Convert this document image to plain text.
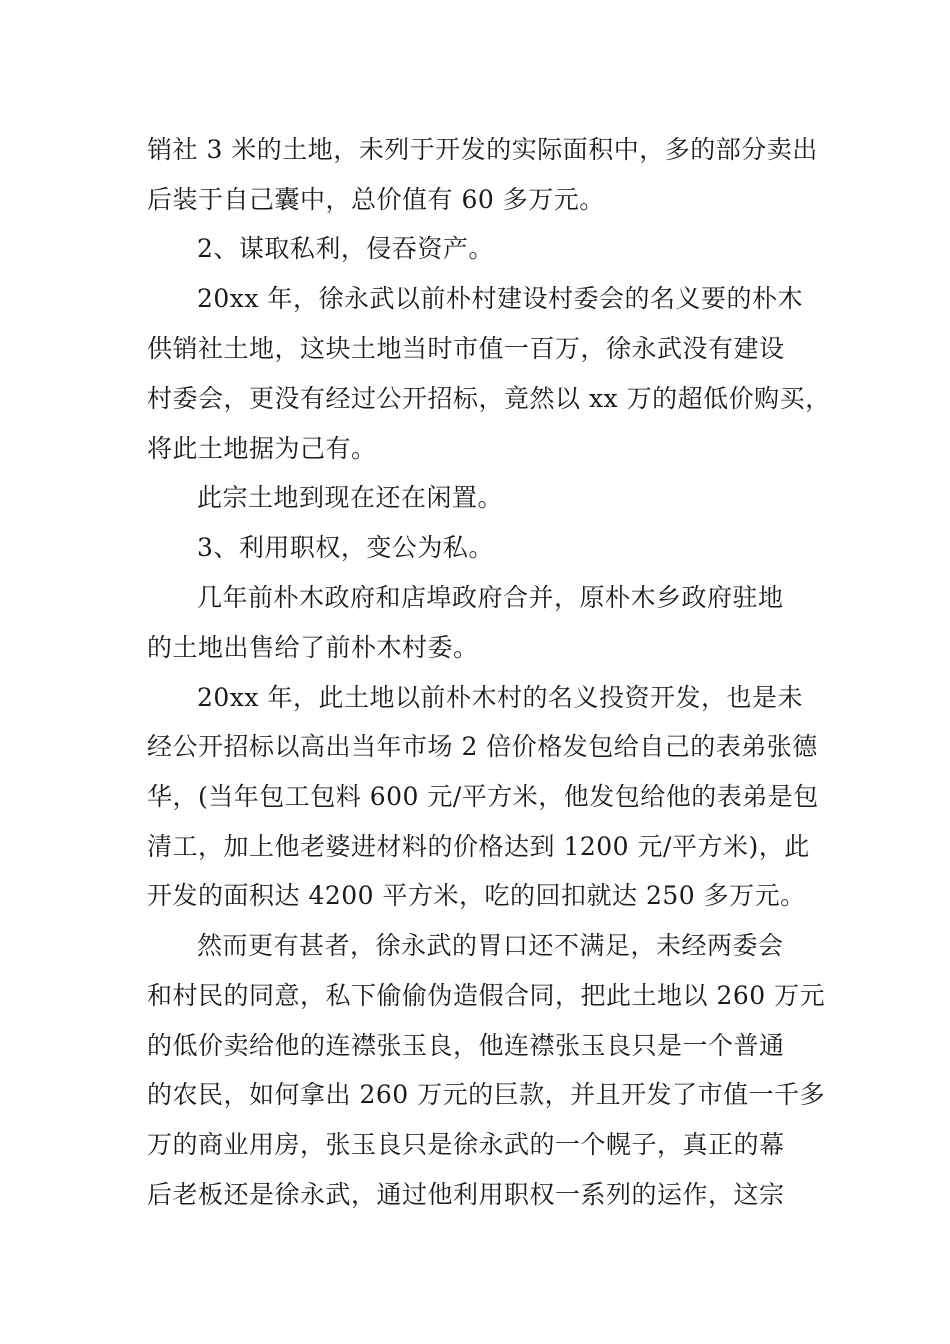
销社 3 米的土地，未列于开发的实际面积中，多的部分卖出
后装于自己囊中，总价值有 60 多万元。
2、谋取私利，侵吞资产。
20xx 年，徐永武以前朴村建设村委会的名义要的朴木
供销社土地，这块土地当时市值一百万，徐永武没有建设
村委会，更没有经过公开招标，竟然以 xx 万的超低价购买，
将此土地据为己有。
此宗土地到现在还在闲置。
3、利用职权，变公为私。
几年前朴木政府和店埠政府合并，原朴木乡政府驻地
的土地出售给了前朴木村委。
20xx 年，此土地以前朴木村的名义投资开发，也是未
经公开招标以高出当年市场 2 倍价格发包给自己的表弟张德
华，(当年包工包料 600 元/平方米，他发包给他的表弟是包
清工，加上他老婆进材料的价格达到 1200 元/平方米)，此
开发的面积达 4200 平方米，吃的回扣就达 250 多万元。
然而更有甚者，徐永武的胃口还不满足，未经两委会
和村民的同意，私下偷偷伪造假合同，把此土地以 260 万元
的低价卖给他的连襟张玉良，他连襟张玉良只是一个普通
的农民，如何拿出 260 万元的巨款，并且开发了市值一千多
万的商业用房，张玉良只是徐永武的一个幌子，真正的幕
后老板还是徐永武，通过他利用职权一系列的运作，这宗
